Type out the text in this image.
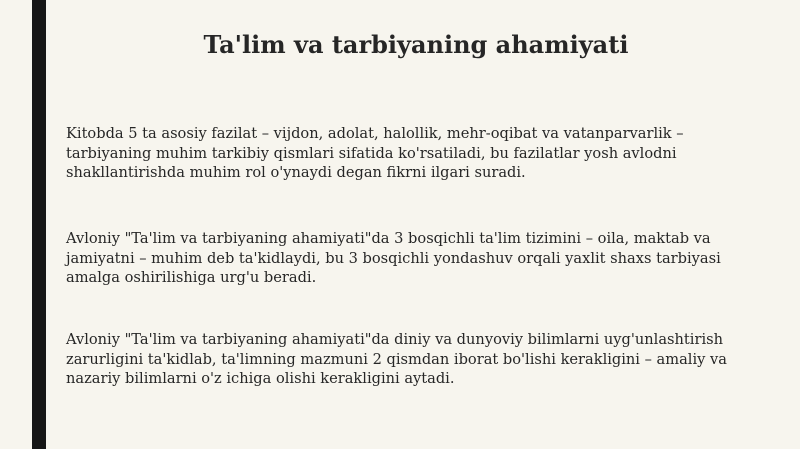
Ta'lim va tarbiyaning ahamiyati

Kitobda 5 ta asosiy fazilat – vijdon, adolat, halollik, mehr-oqibat va vatanparvarlik –
tarbiyaning muhim tarkibiy qismlari sifatida ko'rsatiladi, bu fazilatlar yosh avlodni
shakllantirishda muhim rol o'ynaydi degan fikrni ilgari suradi.

Avloniy "Ta'lim va tarbiyaning ahamiyati"da 3 bosqichli ta'lim tizimini – oila, maktab va
jamiyatni – muhim deb ta'kidlaydi, bu 3 bosqichli yondashuv orqali yaxlit shaxs tarbiyasi
amalga oshirilishiga urg'u beradi.

Avloniy "Ta'lim va tarbiyaning ahamiyati"da diniy va dunyoviy bilimlarni uyg'unlashtirish
zarurligini ta'kidlab, ta'limning mazmuni 2 qismdan iborat bo'lishi kerakligini – amaliy va
nazariy bilimlarni o'z ichiga olishi kerakligini aytadi.
